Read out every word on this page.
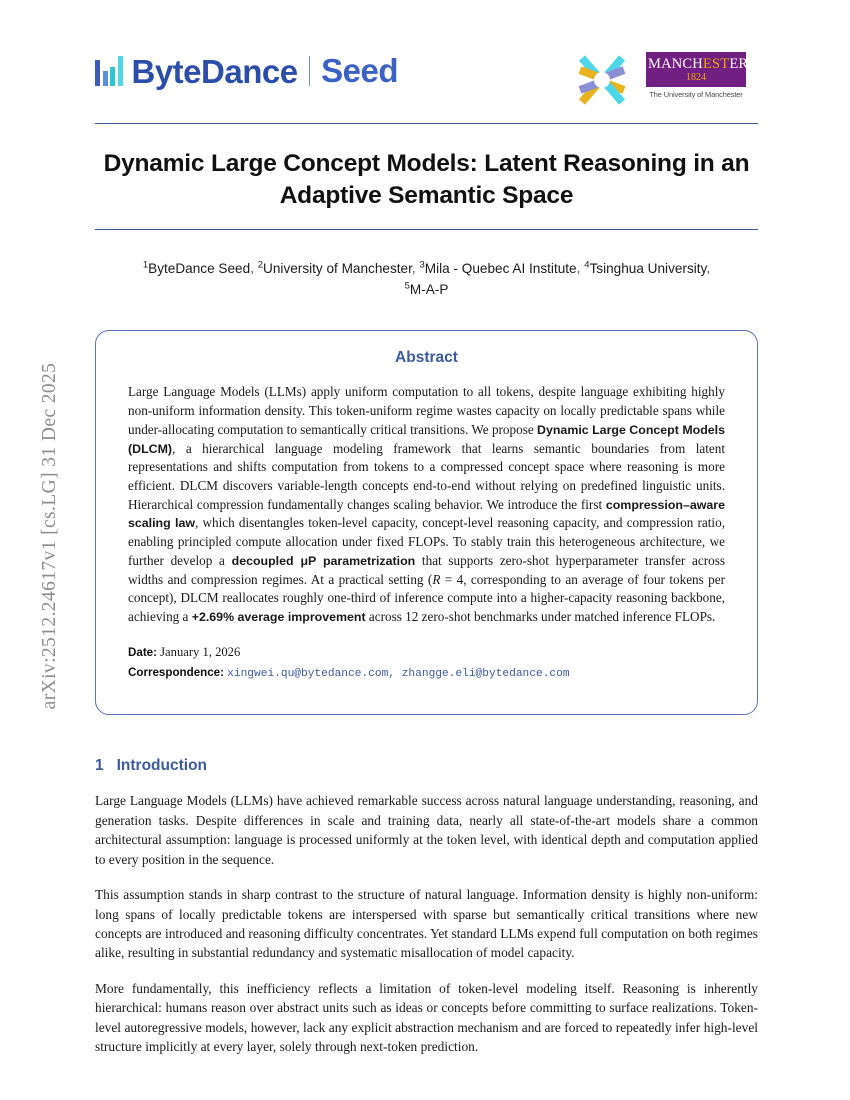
arXiv:2512.24617v1 [cs.LG] 31 Dec 2025
ByteDance Seed	MANCHESTER
1824
The University of Manchester
Dynamic Large Concept Models: Latent Reasoning in an Adaptive Semantic Space
$^1$ByteDance Seed, $^2$University of Manchester, $^3$Mila - Quebec AI Institute, $^4$Tsinghua University,
$^5$M-A-P
Abstract
Large Language Models (LLMs) apply uniform computation to all tokens, despite language exhibiting highly non-uniform information density. This token-uniform regime wastes capacity on locally predictable spans while under-allocating computation to semantically critical transitions. We propose Dynamic Large Concept Models (DLCM), a hierarchical language modeling framework that learns semantic boundaries from latent representations and shifts computation from tokens to a compressed concept space where reasoning is more efficient. DLCM discovers variable-length concepts end-to-end without relying on predefined linguistic units. Hierarchical compression fundamentally changes scaling behavior. We introduce the first compression–aware scaling law, which disentangles token-level capacity, concept-level reasoning capacity, and compression ratio, enabling principled compute allocation under fixed FLOPs. To stably train this heterogeneous architecture, we further develop a decoupled μP parametrization that supports zero-shot hyperparameter transfer across widths and compression regimes. At a practical setting (R = 4, corresponding to an average of four tokens per concept), DLCM reallocates roughly one-third of inference compute into a higher-capacity reasoning backbone, achieving a +2.69% average improvement across 12 zero-shot benchmarks under matched inference FLOPs.
Date: January 1, 2026
Correspondence: xingwei.qu@bytedance.com, zhangge.eli@bytedance.com
1 Introduction
Large Language Models (LLMs) have achieved remarkable success across natural language understanding, reasoning, and generation tasks. Despite differences in scale and training data, nearly all state-of-the-art models share a common architectural assumption: language is processed uniformly at the token level, with identical depth and computation applied to every position in the sequence.
This assumption stands in sharp contrast to the structure of natural language. Information density is highly non-uniform: long spans of locally predictable tokens are interspersed with sparse but semantically critical transitions where new concepts are introduced and reasoning difficulty concentrates. Yet standard LLMs expend full computation on both regimes alike, resulting in substantial redundancy and systematic misallocation of model capacity.
More fundamentally, this inefficiency reflects a limitation of token-level modeling itself. Reasoning is inherently hierarchical: humans reason over abstract units such as ideas or concepts before committing to surface realizations. Token-level autoregressive models, however, lack any explicit abstraction mechanism and are forced to repeatedly infer high-level structure implicitly at every layer, solely through next-token prediction.
